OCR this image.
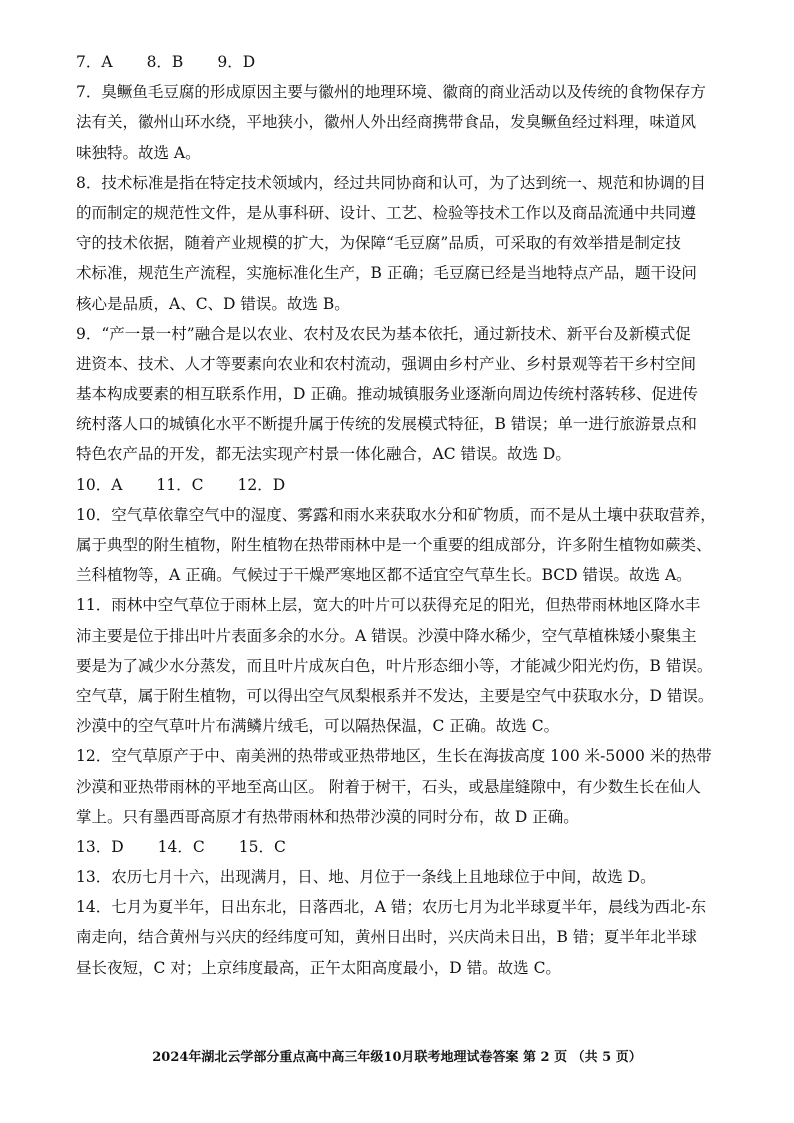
7．A 8．B 9．D
7．臭鳜鱼毛豆腐的形成原因主要与徽州的地理环境、徽商的商业活动以及传统的食物保存方
法有关，徽州山环水绕，平地狭小，徽州人外出经商携带食品，发臭鳜鱼经过料理，味道风
味独特。故选 A。
8．技术标准是指在特定技术领域内，经过共同协商和认可，为了达到统一、规范和协调的目
的而制定的规范性文件，是从事科研、设计、工艺、检验等技术工作以及商品流通中共同遵
守的技术依据，随着产业规模的扩大，为保障“毛豆腐”品质，可采取的有效举措是制定技
术标准，规范生产流程，实施标准化生产，B 正确；毛豆腐已经是当地特点产品，题干设问
核心是品质，A、C、D 错误。故选 B。
9．“产一景一村”融合是以农业、农村及农民为基本依托，通过新技术、新平台及新模式促
进资本、技术、人才等要素向农业和农村流动，强调由乡村产业、乡村景观等若干乡村空间
基本构成要素的相互联系作用，D 正确。推动城镇服务业逐渐向周边传统村落转移、促进传
统村落人口的城镇化水平不断提升属于传统的发展模式特征，B 错误；单一进行旅游景点和
特色农产品的开发，都无法实现产村景一体化融合，AC 错误。故选 D。
10．A 11．C 12．D
10．空气草依靠空气中的湿度、雾露和雨水来获取水分和矿物质，而不是从土壤中获取营养，
属于典型的附生植物，附生植物在热带雨林中是一个重要的组成部分，许多附生植物如蕨类、
兰科植物等，A 正确。气候过于干燥严寒地区都不适宜空气草生长。BCD 错误。故选 A。
11．雨林中空气草位于雨林上层，宽大的叶片可以获得充足的阳光，但热带雨林地区降水丰
沛主要是位于排出叶片表面多余的水分。A 错误。沙漠中降水稀少，空气草植株矮小聚集主
要是为了减少水分蒸发，而且叶片成灰白色，叶片形态细小等，才能减少阳光灼伤，B 错误。
空气草，属于附生植物，可以得出空气凤梨根系并不发达，主要是空气中获取水分，D 错误。
沙漠中的空气草叶片布满鳞片绒毛，可以隔热保温，C 正确。故选 C。
12．空气草原产于中、南美洲的热带或亚热带地区，生长在海拔高度 100 米-5000 米的热带
沙漠和亚热带雨林的平地至高山区。 附着于树干，石头，或悬崖缝隙中，有少数生长在仙人
掌上。只有墨西哥高原才有热带雨林和热带沙漠的同时分布，故 D 正确。
13．D 14．C 15．C
13．农历七月十六，出现满月，日、地、月位于一条线上且地球位于中间，故选 D。
14．七月为夏半年，日出东北，日落西北，A 错；农历七月为北半球夏半年，晨线为西北-东
南走向，结合黄州与兴庆的经纬度可知，黄州日出时，兴庆尚未日出，B 错；夏半年北半球
昼长夜短，C 对；上京纬度最高，正午太阳高度最小，D 错。故选 C。
2024年湖北云学部分重点高中高三年级10月联考地理试卷答案 第 2 页 （共 5 页）
